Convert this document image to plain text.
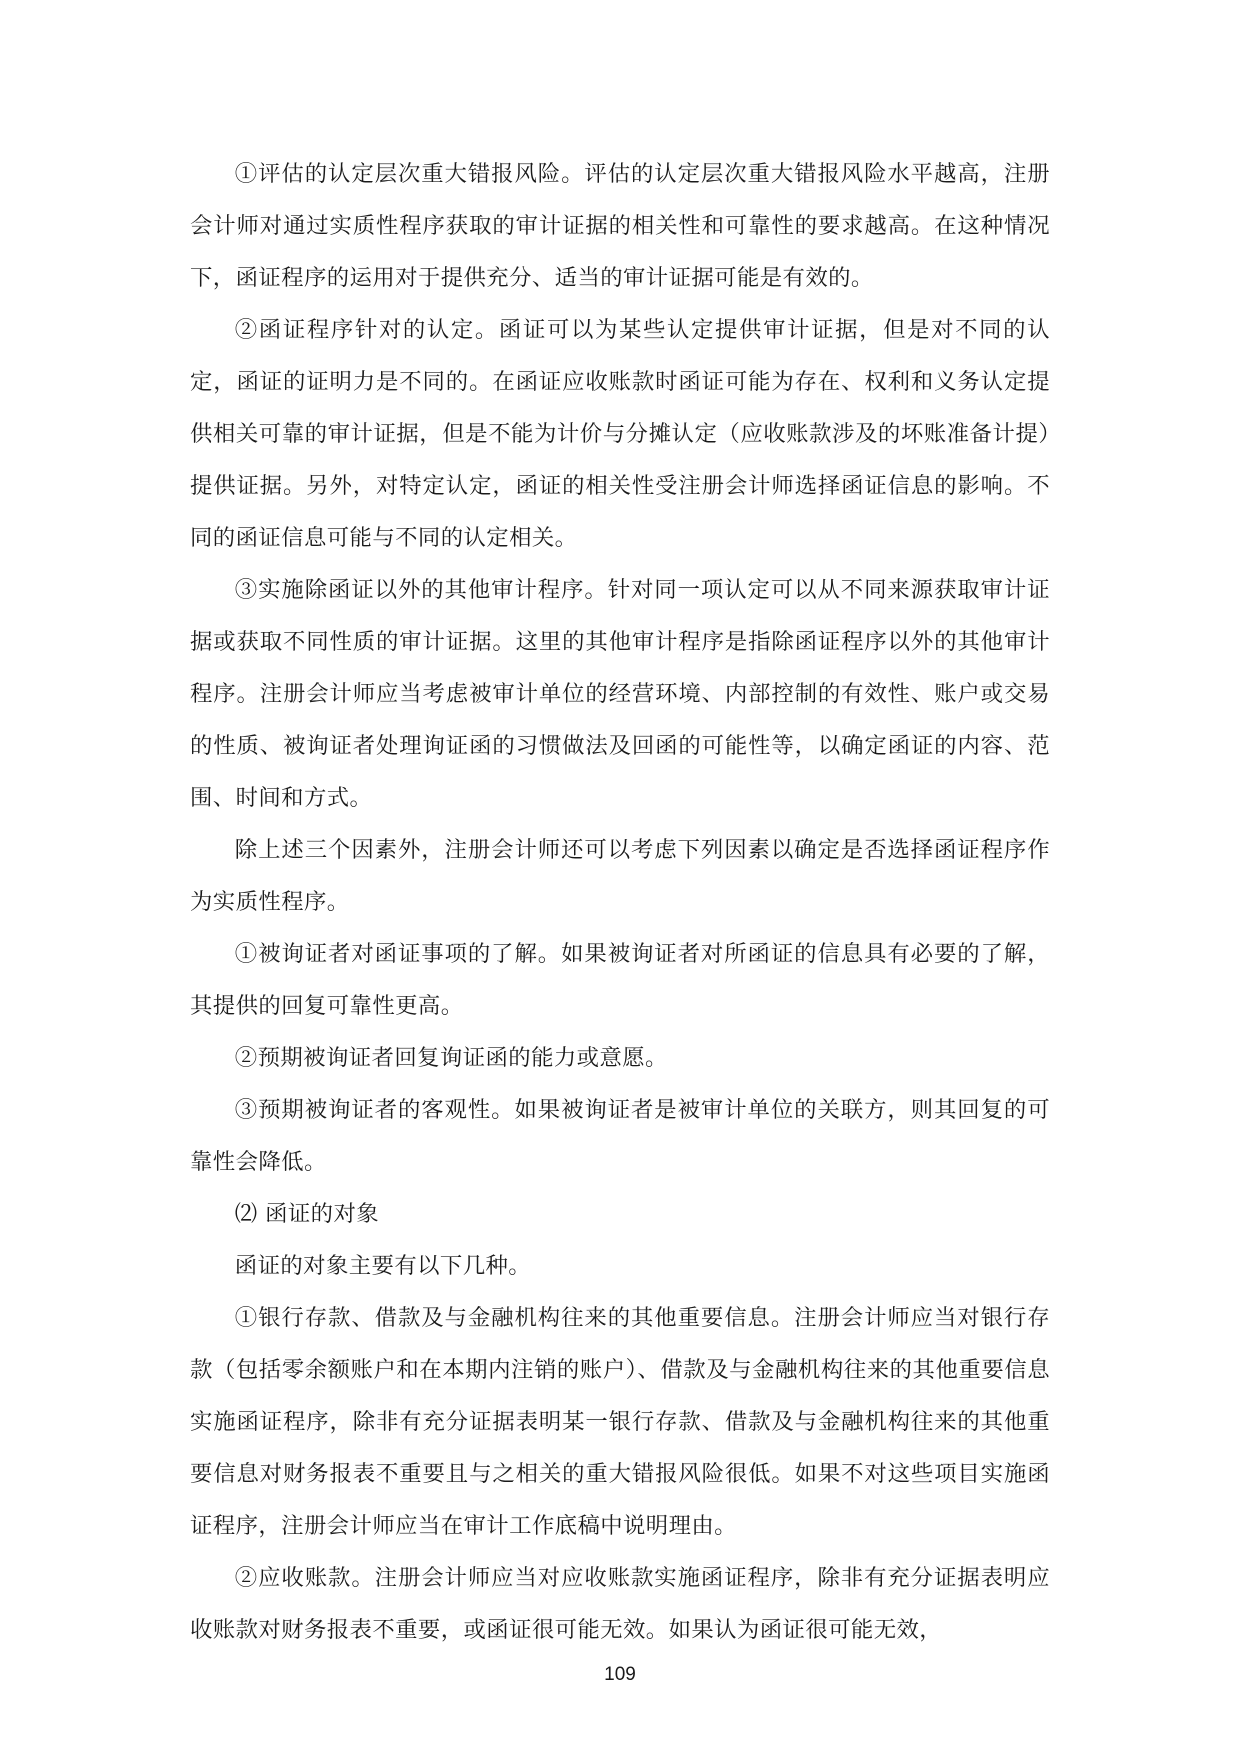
①评估的认定层次重大错报风险。评估的认定层次重大错报风险水平越高，注册会计师对通过实质性程序获取的审计证据的相关性和可靠性的要求越高。在这种情况下，函证程序的运用对于提供充分、适当的审计证据可能是有效的。

②函证程序针对的认定。函证可以为某些认定提供审计证据，但是对不同的认定，函证的证明力是不同的。在函证应收账款时函证可能为存在、权利和义务认定提供相关可靠的审计证据，但是不能为计价与分摊认定（应收账款涉及的坏账准备计提）提供证据。另外，对特定认定，函证的相关性受注册会计师选择函证信息的影响。不同的函证信息可能与不同的认定相关。

③实施除函证以外的其他审计程序。针对同一项认定可以从不同来源获取审计证据或获取不同性质的审计证据。这里的其他审计程序是指除函证程序以外的其他审计程序。注册会计师应当考虑被审计单位的经营环境、内部控制的有效性、账户或交易的性质、被询证者处理询证函的习惯做法及回函的可能性等，以确定函证的内容、范围、时间和方式。

除上述三个因素外，注册会计师还可以考虑下列因素以确定是否选择函证程序作为实质性程序。

①被询证者对函证事项的了解。如果被询证者对所函证的信息具有必要的了解，其提供的回复可靠性更高。

②预期被询证者回复询证函的能力或意愿。

③预期被询证者的客观性。如果被询证者是被审计单位的关联方，则其回复的可靠性会降低。

⑵ 函证的对象

函证的对象主要有以下几种。

①银行存款、借款及与金融机构往来的其他重要信息。注册会计师应当对银行存款（包括零余额账户和在本期内注销的账户）、借款及与金融机构往来的其他重要信息实施函证程序，除非有充分证据表明某一银行存款、借款及与金融机构往来的其他重要信息对财务报表不重要且与之相关的重大错报风险很低。如果不对这些项目实施函证程序，注册会计师应当在审计工作底稿中说明理由。

②应收账款。注册会计师应当对应收账款实施函证程序，除非有充分证据表明应收账款对财务报表不重要，或函证很可能无效。如果认为函证很可能无效，

109
